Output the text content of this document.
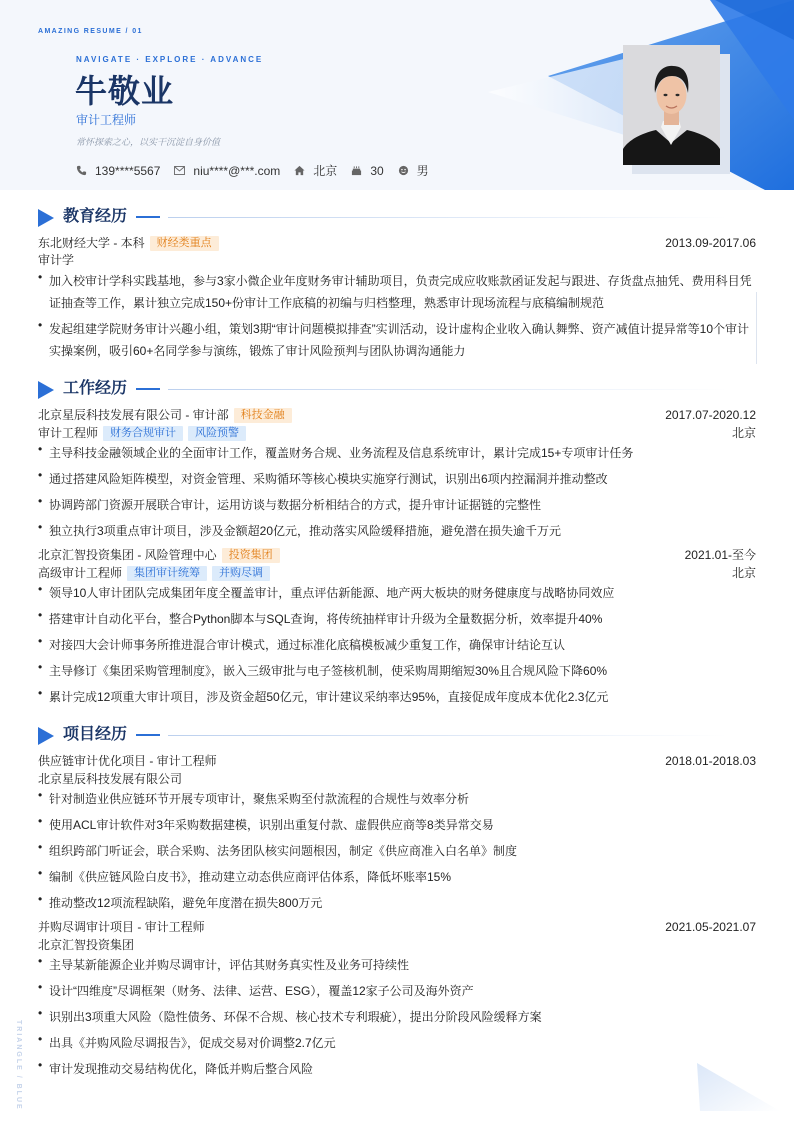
AMAZING RESUME / 01
NAVIGATE · EXPLORE · ADVANCE
牛敬业
审计工程师
常怀探索之心，以实干沉淀自身价值
139****5567	niu****@***.com	北京	30	男
TRIANGLE / BLUE
教育经历
东北财经大学 - 本科 财经类重点	2013.09-2017.06
审计学
• 加入校审计学科实践基地，参与3家小微企业年度财务审计辅助项目，负责完成应收账款函证发起与跟进、存货盘点抽凭、费用科目凭证抽查等工作，累计独立完成150+份审计工作底稿的初编与归档整理，熟悉审计现场流程与底稿编制规范
• 发起组建学院财务审计兴趣小组，策划3期“审计问题模拟排查”实训活动，设计虚构企业收入确认舞弊、资产减值计提异常等10个审计实操案例，吸引60+名同学参与演练，锻炼了审计风险预判与团队协调沟通能力
工作经历
北京星辰科技发展有限公司 - 审计部 科技金融	2017.07-2020.12
审计工程师 财务合规审计 风险预警	北京
• 主导科技金融领域企业的全面审计工作，覆盖财务合规、业务流程及信息系统审计，累计完成15+专项审计任务
• 通过搭建风险矩阵模型，对资金管理、采购循环等核心模块实施穿行测试，识别出6项内控漏洞并推动整改
• 协调跨部门资源开展联合审计，运用访谈与数据分析相结合的方式，提升审计证据链的完整性
• 独立执行3项重点审计项目，涉及金额超20亿元，推动落实风险缓释措施，避免潜在损失逾千万元
北京汇智投资集团 - 风险管理中心 投资集团	2021.01-至今
高级审计工程师 集团审计统筹 并购尽调	北京
• 领导10人审计团队完成集团年度全覆盖审计，重点评估新能源、地产两大板块的财务健康度与战略协同效应
• 搭建审计自动化平台，整合Python脚本与SQL查询，将传统抽样审计升级为全量数据分析，效率提升40%
• 对接四大会计师事务所推进混合审计模式，通过标准化底稿模板减少重复工作，确保审计结论互认
• 主导修订《集团采购管理制度》，嵌入三级审批与电子签核机制，使采购周期缩短30%且合规风险下降60%
• 累计完成12项重大审计项目，涉及资金超50亿元，审计建议采纳率达95%，直接促成年度成本优化2.3亿元
项目经历
供应链审计优化项目 - 审计工程师	2018.01-2018.03
北京星辰科技发展有限公司
• 针对制造业供应链环节开展专项审计，聚焦采购至付款流程的合规性与效率分析
• 使用ACL审计软件对3年采购数据建模，识别出重复付款、虚假供应商等8类异常交易
• 组织跨部门听证会，联合采购、法务团队核实问题根因，制定《供应商准入白名单》制度
• 编制《供应链风险白皮书》，推动建立动态供应商评估体系，降低坏账率15%
• 推动整改12项流程缺陷，避免年度潜在损失800万元
并购尽调审计项目 - 审计工程师	2021.05-2021.07
北京汇智投资集团
• 主导某新能源企业并购尽调审计，评估其财务真实性及业务可持续性
• 设计“四维度”尽调框架（财务、法律、运营、ESG），覆盖12家子公司及海外资产
• 识别出3项重大风险（隐性债务、环保不合规、核心技术专利瑕疵），提出分阶段风险缓释方案
• 出具《并购风险尽调报告》，促成交易对价调整2.7亿元
• 审计发现推动交易结构优化，降低并购后整合风险
